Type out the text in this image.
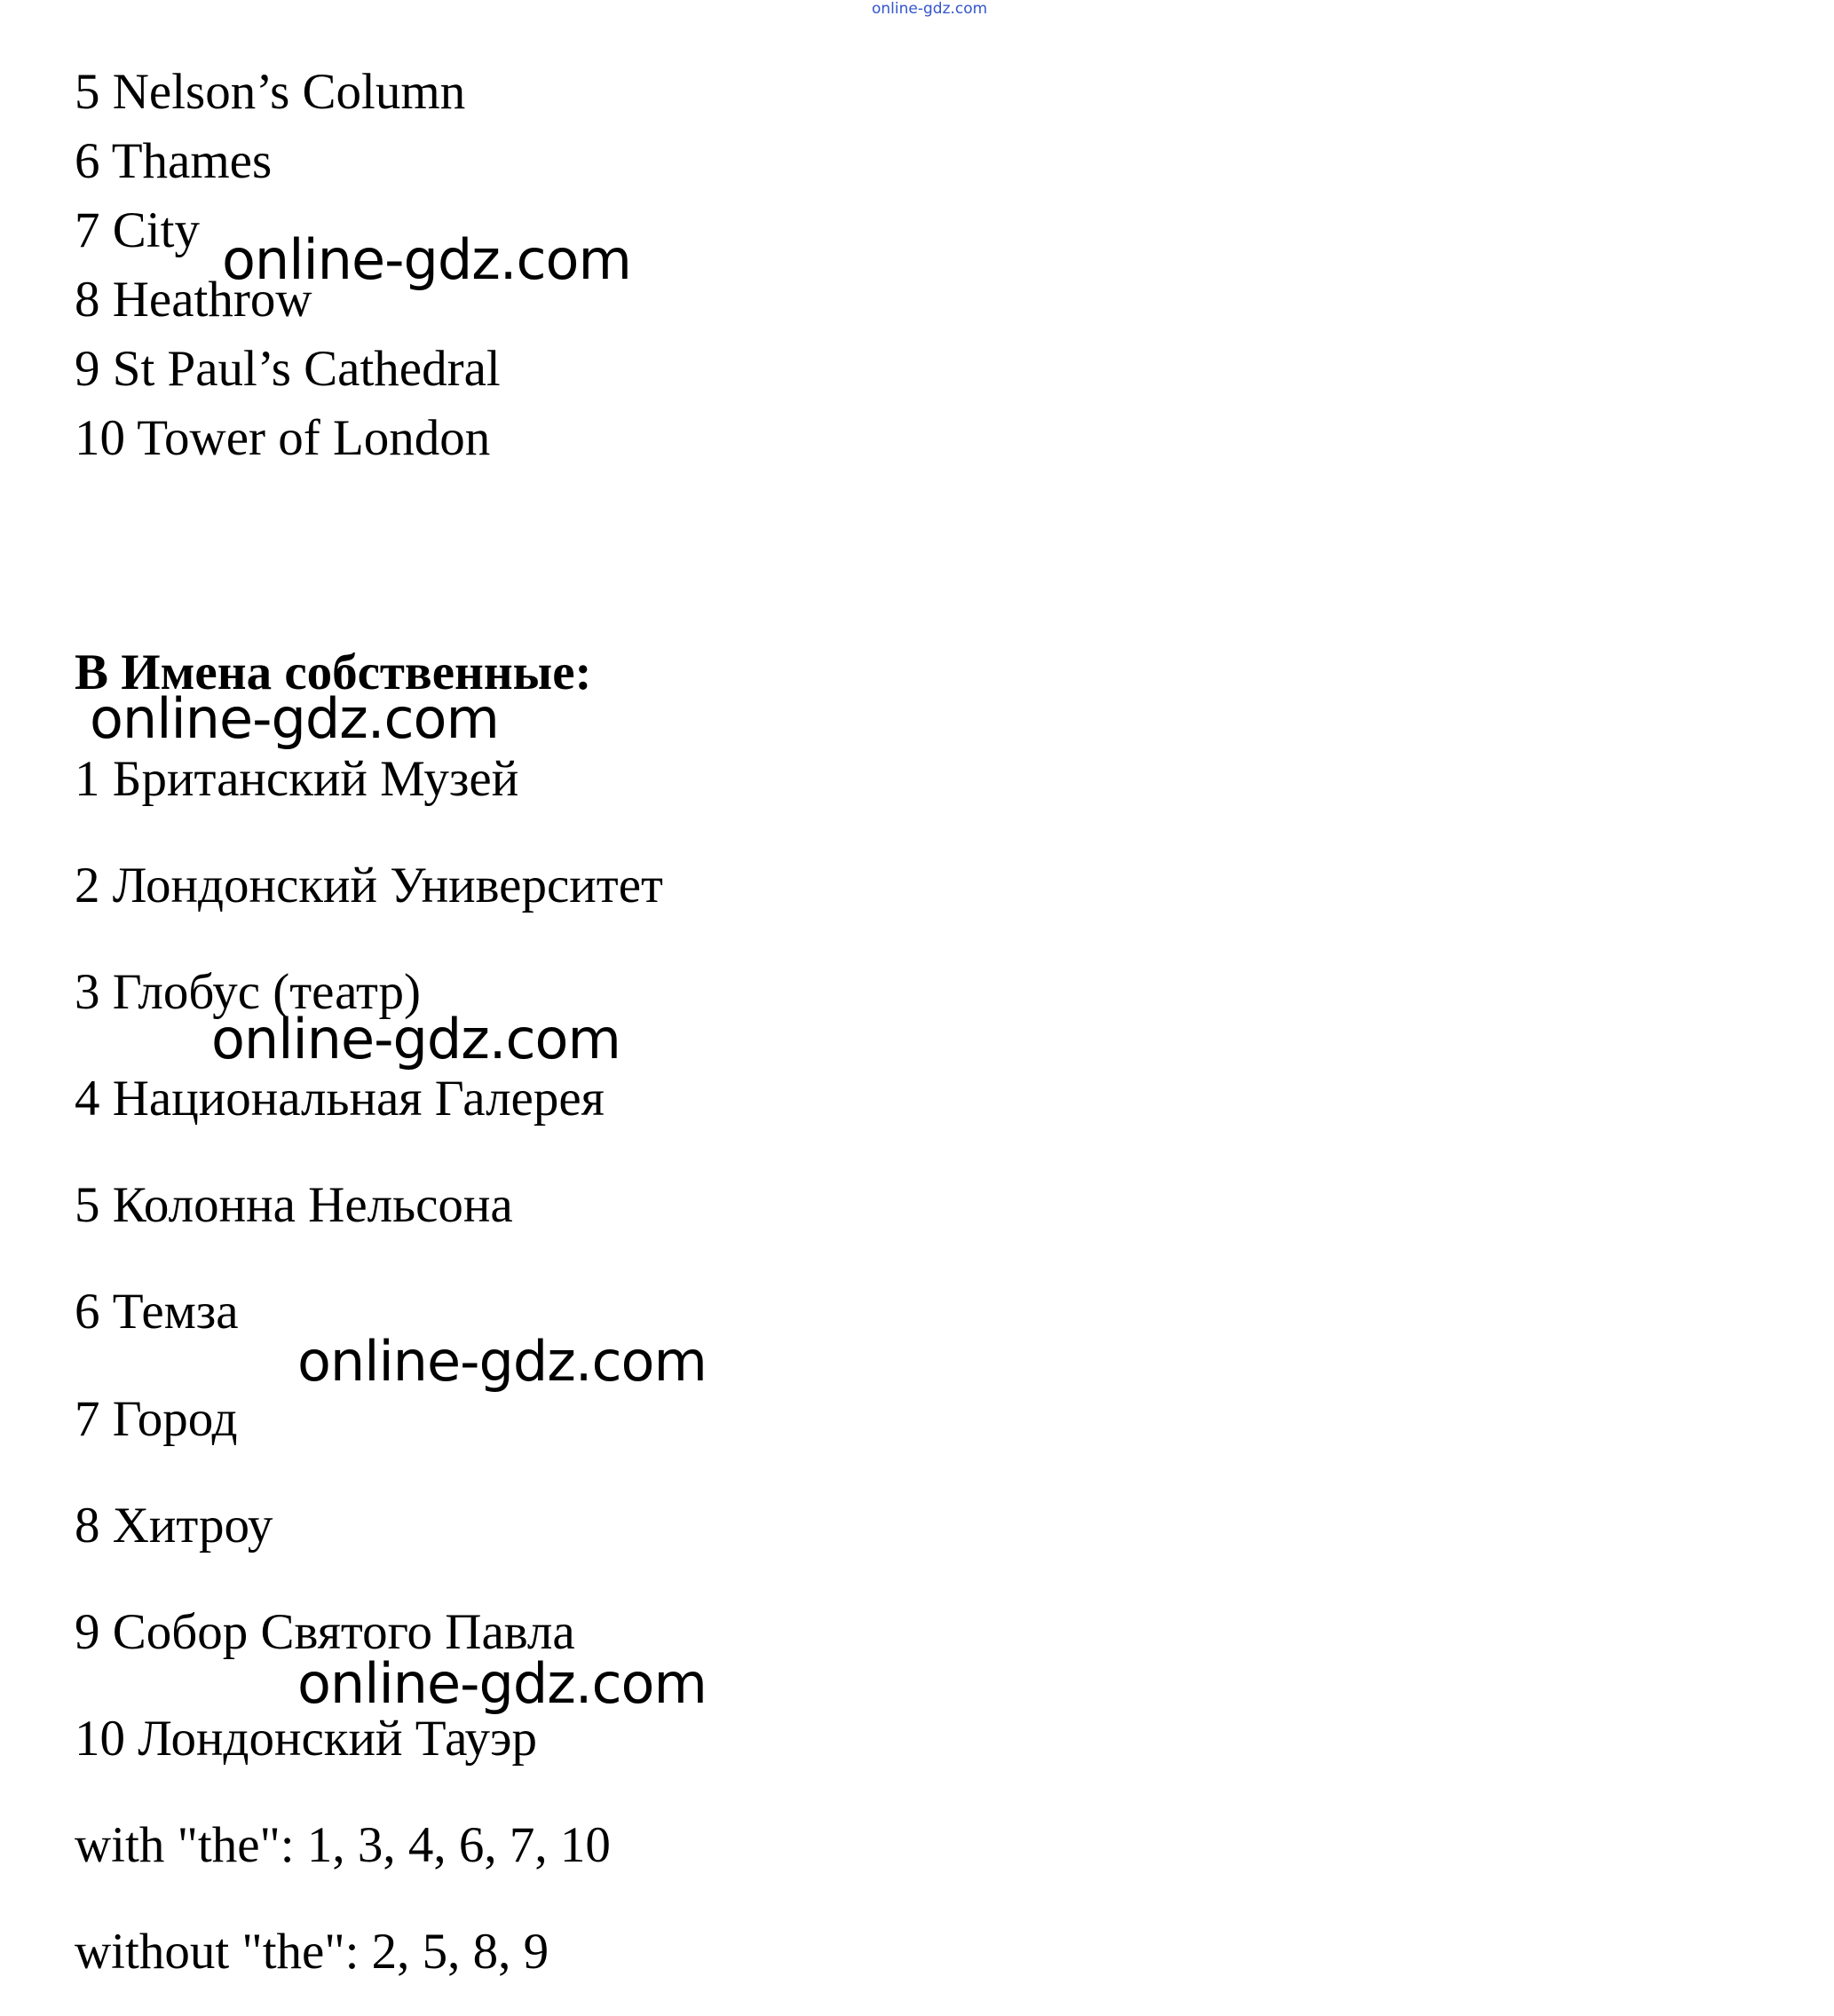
online-gdz.com
5 Nelson’s Column
6 Thames
7 City
8 Heathrow
9 St Paul’s Cathedral
10 Tower of London
B Имена собственные:
1 Британский Музей
2 Лондонский Университет
3 Глобус (театр)
4 Национальная Галерея
5 Колонна Нельсона
6 Темза
7 Город
8 Хитроу
9 Собор Святого Павла
10 Лондонский Тауэр
with "the": 1, 3, 4, 6, 7, 10
without "the": 2, 5, 8, 9
online-gdz.com
online-gdz.com
online-gdz.com
online-gdz.com
online-gdz.com
